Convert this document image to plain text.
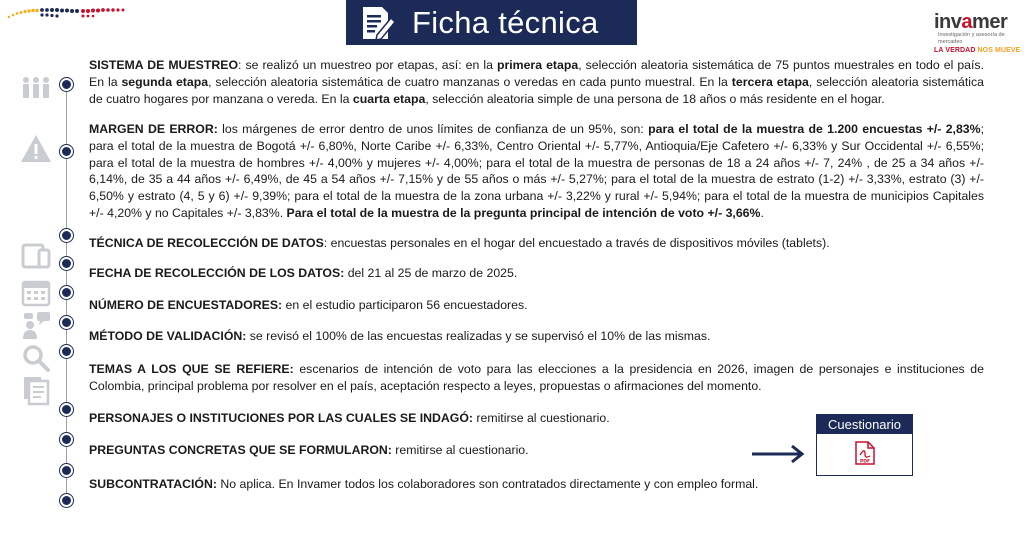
Ficha técnica	invamer
Investigación y asesoría de mercadeo
LA VERDAD NOS MUEVE

SISTEMA DE MUESTREO: se realizó un muestreo por etapas, así: en la primera etapa, selección aleatoria sistemática de 75 puntos muestrales en todo el país. En la segunda etapa, selección aleatoria sistemática de cuatro manzanas o veredas en cada punto muestral. En la tercera etapa, selección aleatoria sistemática de cuatro hogares por manzana o vereda. En la cuarta etapa, selección aleatoria simple de una persona de 18 años o más residente en el hogar.

MARGEN DE ERROR: los márgenes de error dentro de unos límites de confianza de un 95%, son: para el total de la muestra de 1.200 encuestas +/- 2,83%; para el total de la muestra de Bogotá +/- 6,80%, Norte Caribe +/- 6,33%, Centro Oriental +/- 5,77%, Antioquia/Eje Cafetero +/- 6,33% y Sur Occidental +/- 6,55%; para el total de la muestra de hombres +/- 4,00% y mujeres +/- 4,00%; para el total de la muestra de personas de 18 a 24 años +/- 7, 24% , de 25 a 34 años +/- 6,14%, de 35 a 44 años +/- 6,49%, de 45 a 54 años +/- 7,15% y de 55 años o más +/- 5,27%; para el total de la muestra de estrato (1-2) +/- 3,33%, estrato (3) +/- 6,50% y estrato (4, 5 y 6) +/- 9,39%; para el total de la muestra de la zona urbana +/- 3,22% y rural +/- 5,94%; para el total de la muestra de municipios Capitales +/- 4,20% y no Capitales +/- 3,83%. Para el total de la muestra de la pregunta principal de intención de voto +/- 3,66%.

TÉCNICA DE RECOLECCIÓN DE DATOS: encuestas personales en el hogar del encuestado a través de dispositivos móviles (tablets).

FECHA DE RECOLECCIÓN DE LOS DATOS: del 21 al 25 de marzo de 2025.

NÚMERO DE ENCUESTADORES: en el estudio participaron 56 encuestadores.

MÉTODO DE VALIDACIÓN: se revisó el 100% de las encuestas realizadas y se supervisó el 10% de las mismas.

TEMAS A LOS QUE SE REFIERE: escenarios de intención de voto para las elecciones a la presidencia en 2026, imagen de personajes e instituciones de Colombia, principal problema por resolver en el país, aceptación respecto a leyes, propuestas o afirmaciones del momento.

PERSONAJES O INSTITUCIONES POR LAS CUALES SE INDAGÓ: remitirse al cuestionario.

PREGUNTAS CONCRETAS QUE SE FORMULARON: remitirse al cuestionario.

SUBCONTRATACIÓN: No aplica. En Invamer todos los colaboradores son contratados directamente y con empleo formal.

Cuestionario
PDF
